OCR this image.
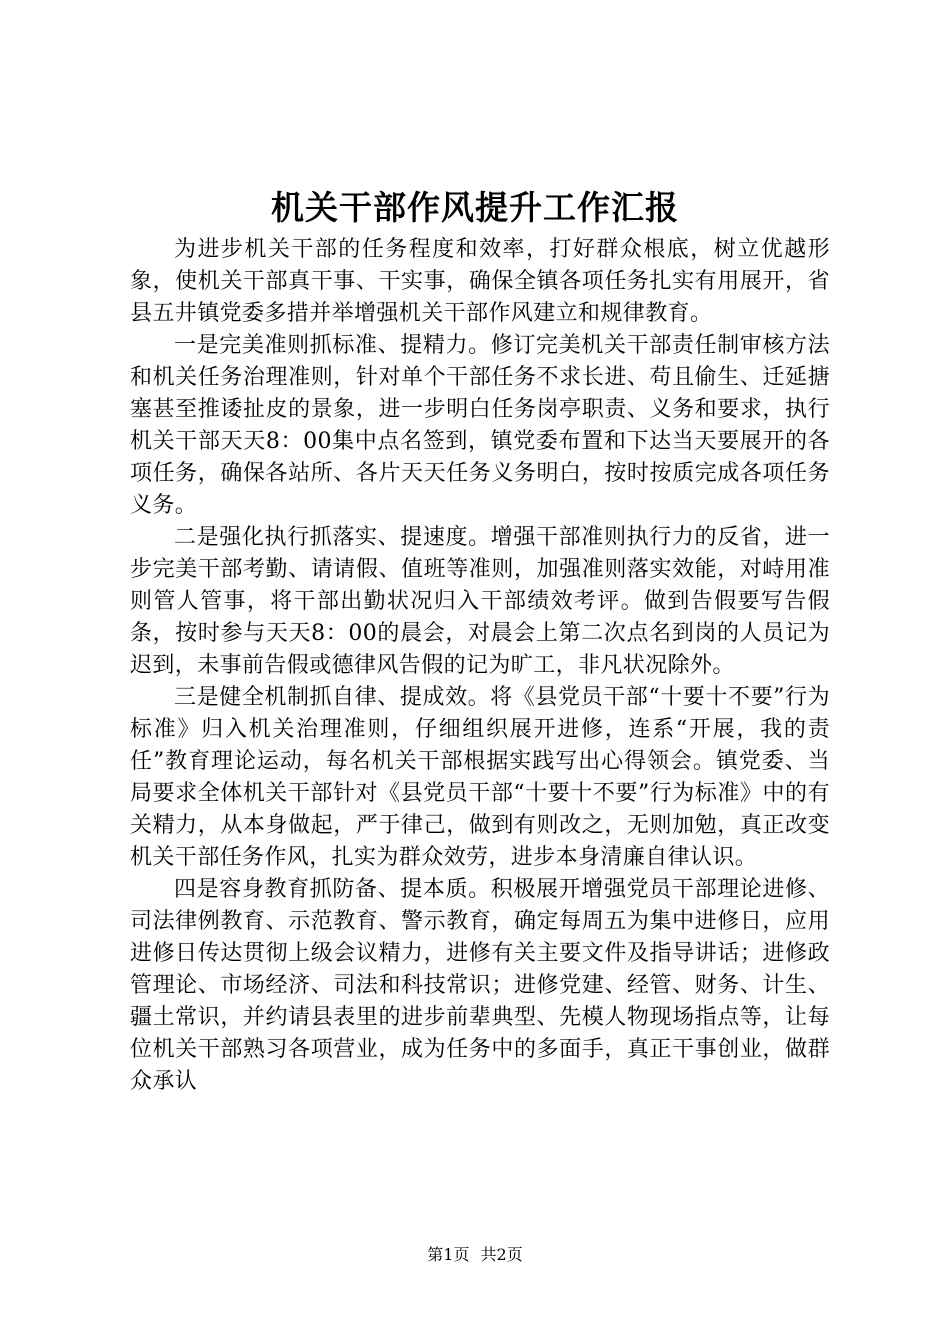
机关干部作风提升工作汇报

为进步机关干部的任务程度和效率，打好群众根底，树立优越形象，使机关干部真干事、干实事，确保全镇各项任务扎实有用展开，省县五井镇党委多措并举增强机关干部作风建立和规律教育。

一是完美准则抓标准、提精力。修订完美机关干部责任制审核方法和机关任务治理准则，针对单个干部任务不求长进、苟且偷生、迁延搪塞甚至推诿扯皮的景象，进一步明白任务岗亭职责、义务和要求，执行机关干部天天8：00集中点名签到，镇党委布置和下达当天要展开的各项任务，确保各站所、各片天天任务义务明白，按时按质完成各项任务义务。

二是强化执行抓落实、提速度。增强干部准则执行力的反省，进一步完美干部考勤、请请假、值班等准则，加强准则落实效能，对峙用准则管人管事，将干部出勤状况归入干部绩效考评。做到告假要写告假条，按时参与天天8：00的晨会，对晨会上第二次点名到岗的人员记为迟到，未事前告假或德律风告假的记为旷工，非凡状况除外。

三是健全机制抓自律、提成效。将《县党员干部“十要十不要”行为标准》归入机关治理准则，仔细组织展开进修，连系“开展，我的责任”教育理论运动，每名机关干部根据实践写出心得领会。镇党委、当局要求全体机关干部针对《县党员干部“十要十不要”行为标准》中的有关精力，从本身做起，严于律己，做到有则改之，无则加勉，真正改变机关干部任务作风，扎实为群众效劳，进步本身清廉自律认识。

四是容身教育抓防备、提本质。积极展开增强党员干部理论进修、司法律例教育、示范教育、警示教育，确定每周五为集中进修日，应用进修日传达贯彻上级会议精力，进修有关主要文件及指导讲话；进修政管理论、市场经济、司法和科技常识；进修党建、经管、财务、计生、疆土常识，并约请县表里的进步前辈典型、先模人物现场指点等，让每位机关干部熟习各项营业，成为任务中的多面手，真正干事创业，做群众承认

第1页 共2页
